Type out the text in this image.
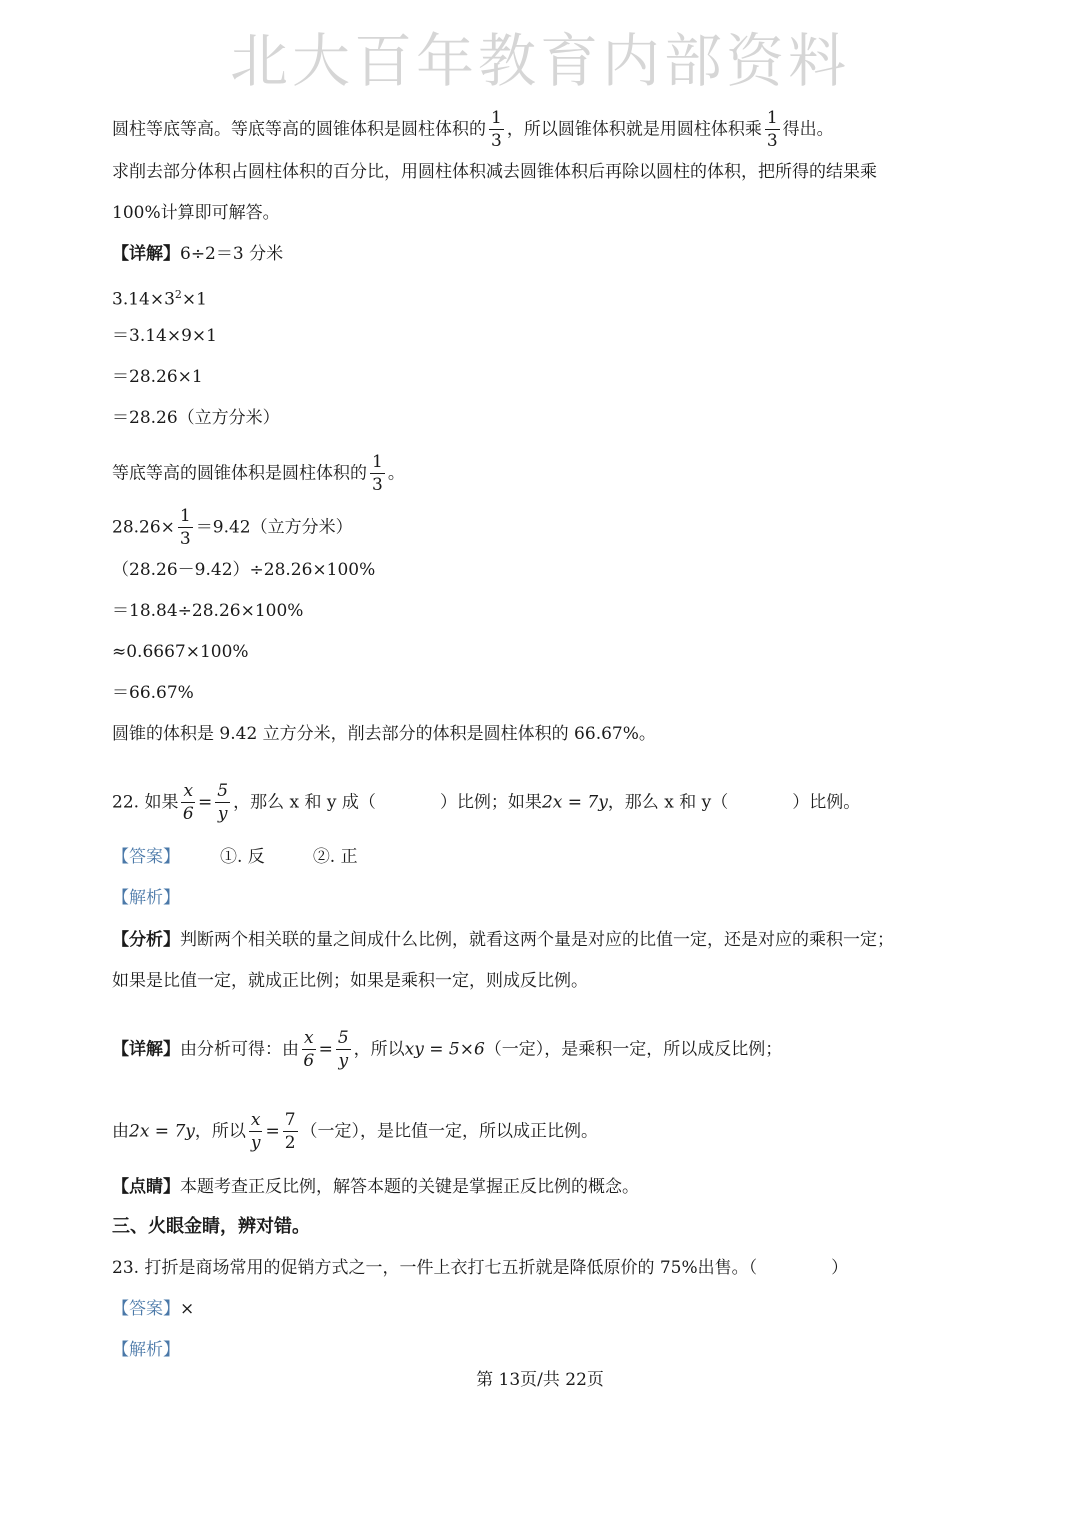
北大百年教育内部资料
圆柱等底等高。等底等高的圆锥体积是圆柱体积的 $\frac{1}{3}$ ，所以圆锥体积就是用圆柱体积乘 $\frac{1}{3}$ 得出。
求削去部分体积占圆柱体积的百分比，用圆柱体积减去圆锥体积后再除以圆柱的体积，把所得的结果乘
100%计算即可解答。
【详解】6÷2＝3 分米
$3.14\times 3^2\times 1$
＝3.14×9×1
＝28.26×1
＝28.26（立方分米）
等底等高的圆锥体积是圆柱体积的 $\frac{1}{3}$ 。
$28.26\times \frac{1}{3} =9.42$（立方分米）
（28.26－9.42）÷28.26×100%
＝18.84÷28.26×100%
≈0.6667×100%
＝66.67%
圆锥的体积是 9.42 立方分米，削去部分的体积是圆柱体积的 66.67%。
22. 如果 $\frac{x}{6} = \frac{5}{y}$ ，那么 x 和 y 成（	）比例；如果2x = 7y，那么 x 和 y（	）比例。
【答案】 ①. 反	②. 正
【解析】
【分析】判断两个相关联的量之间成什么比例，就看这两个量是对应的比值一定，还是对应的乘积一定；
如果是比值一定，就成正比例；如果是乘积一定，则成反比例。
【详解】由分析可得：由 $\frac{x}{6} = \frac{5}{y}$ ，所以xy = 5×6（一定），是乘积一定，所以成反比例；
由2x = 7y，所以 $\frac{x}{y} = \frac{7}{2}$ （一定），是比值一定，所以成正比例。
【点睛】本题考查正反比例，解答本题的关键是掌握正反比例的概念。
三、火眼金睛，辨对错。
23. 打折是商场常用的促销方式之一，一件上衣打七五折就是降低原价的 75%出售。（	）
【答案】×
【解析】
第 13页/共 22页
